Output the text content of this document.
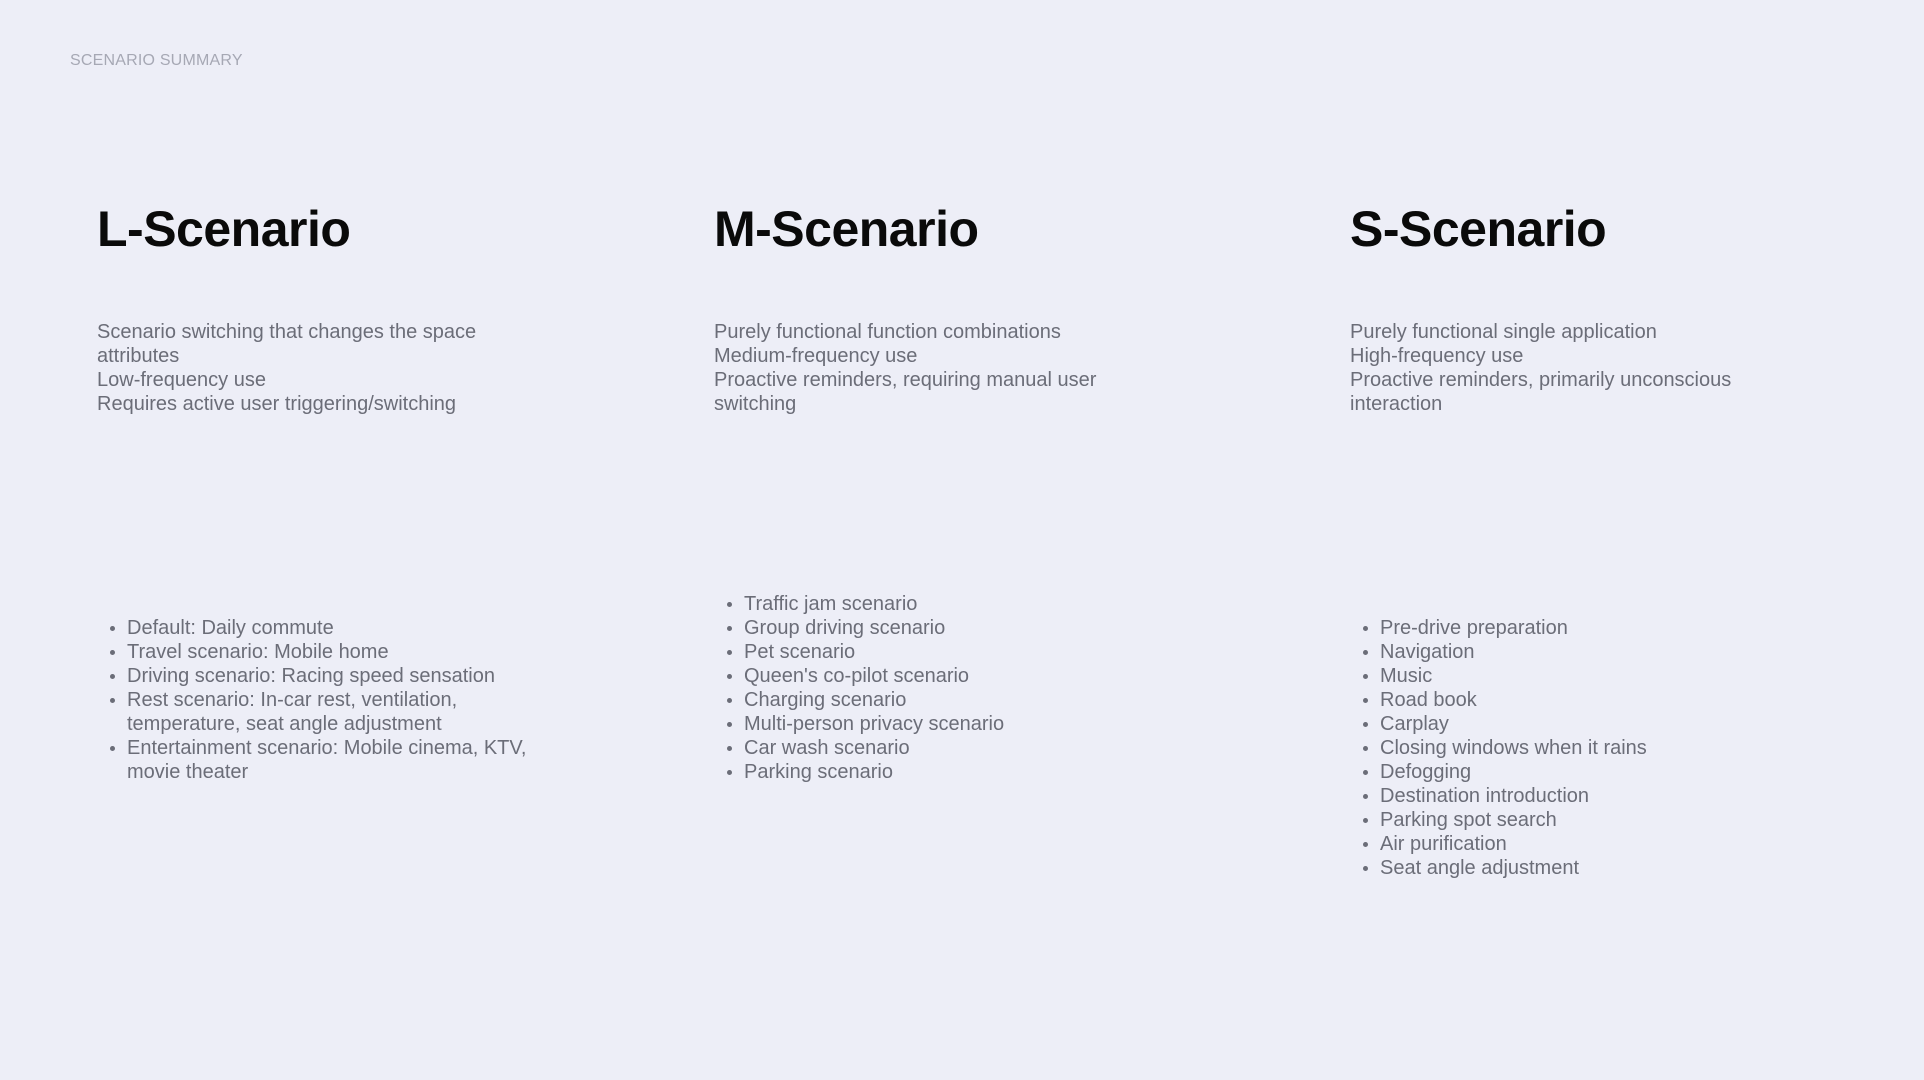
SCENARIO SUMMARY
L-Scenario
Scenario switching that changes the space
attributes
Low-frequency use
Requires active user triggering/switching
Default: Daily commute
Travel scenario: Mobile home
Driving scenario: Racing speed sensation
Rest scenario: In-car rest, ventilation, temperature, seat angle adjustment
Entertainment scenario: Mobile cinema, KTV, movie theater
M-Scenario
Purely functional function combinations
Medium-frequency use
Proactive reminders, requiring manual user switching
Traffic jam scenario
Group driving scenario
Pet scenario
Queen's co-pilot scenario
Charging scenario
Multi-person privacy scenario
Car wash scenario
Parking scenario
S-Scenario
Purely functional single application
High-frequency use
Proactive reminders, primarily unconscious
interaction
Pre-drive preparation
Navigation
Music
Road book
Carplay
Closing windows when it rains
Defogging
Destination introduction
Parking spot search
Air purification
Seat angle adjustment
